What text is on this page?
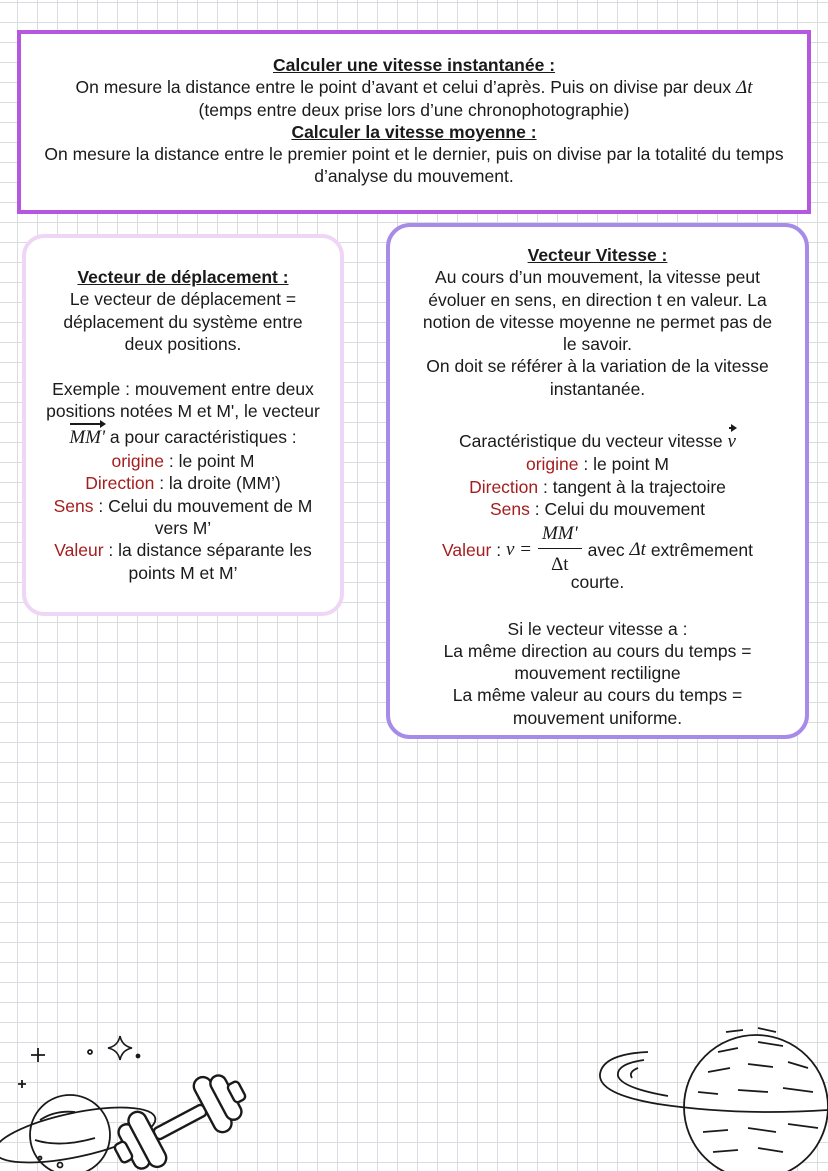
Calculer une vitesse instantanée :
On mesure la distance entre le point d’avant et celui d’après. Puis on divise par deux Δt
(temps entre deux prise lors d’une chronophotographie)
Calculer la vitesse moyenne :
On mesure la distance entre le premier point et le dernier, puis on divise par la totalité du temps d’analyse du mouvement.
Vecteur de déplacement :
Le vecteur de déplacement =
déplacement du système entre
deux positions.
Exemple : mouvement entre deux
positions notées M et M', le vecteur
MM' a pour caractéristiques :
origine : le point M
Direction : la droite (MM’)
Sens : Celui du mouvement de M
vers M’
Valeur : la distance séparante les
points M et M’
Vecteur Vitesse :
Au cours d’un mouvement, la vitesse peut
évoluer en sens, en direction t en valeur. La
notion de vitesse moyenne ne permet pas de
le savoir.
On doit se référer à la variation de la vitesse
instantanée.
Caractéristique du vecteur vitesse v
origine : le point M
Direction : tangent à la trajectoire
Sens : Celui du mouvement
Valeur : $v = \frac{MM'}{\Delta t}$ avec
Δt
extrêmement
courte.
Si le vecteur vitesse a :
La même direction au cours du temps =
mouvement rectiligne
La même valeur au cours du temps =
mouvement uniforme.
